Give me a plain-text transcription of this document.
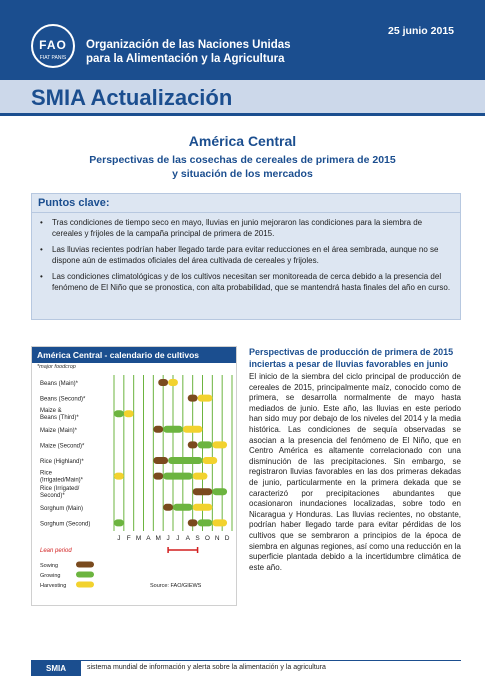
FAO
FIAT PANIS
Organización de las Naciones Unidas
para la Alimentación y la Agricultura
25 junio 2015
SMIA Actualización
América Central
Perspectivas de las cosechas de cereales de primera de 2015
y situación de los mercados
Puntos clave:
• Tras condiciones de tiempo seco en mayo, lluvias en junio mejoraron las condiciones para la siembra de cereales y frijoles de la campaña principal de primera de 2015.
• Las lluvias recientes podrían haber llegado tarde para evitar reducciones en el área sembrada, aunque no se dispone aún de estimados oficiales del área cultivada de cereales y frijoles.
• Las condiciones climatológicas y de los cultivos necesitan ser monitoreada de cerca debido a la presencia del fenómeno de El Niño que se pronostica, con alta probabilidad, que se mantendrá hasta finales del año en curso.
América Central - calendario de cultivos
*major foodcrop
Beans (Main)*
Beans (Second)*
Maize &
Beans (Third)*
Maize (Main)*
Maize (Second)*
Rice (Highland)*
Rice
(Irrigated/Main)*
Rice (Irrigated/
Second)*
Sorghum (Main)
Sorghum (Second)
J F M A M J J A S O N D
Lean period
Sowing
Growing
Harvesting	Source: FAO/GIEWS
Perspectivas de producción de primera de 2015 inciertas a pesar de lluvias favorables en junio
El inicio de la siembra del ciclo principal de producción de cereales de 2015, principalmente maíz, conocido como de primera, se desarrolla normalmente de mayo hasta mediados de junio. Este año, las lluvias en este periodo han sido muy por debajo de los niveles del 2014 y la media histórica. Las condiciones de sequía observadas se asocian a la presencia del fenómeno de El Niño, que en Centro América es altamente correlacionado con una disminución de las precipitaciones. Sin embargo, se registraron lluvias favorables en las dos primeras dekadas de junio, particularmente en la primera dekada que se caracterizó por precipitaciones abundantes que ocasionaron inundaciones localizadas, sobre todo en Nicaragua y Honduras. Las lluvias recientes, no obstante, podrían haber llegado tarde para evitar pérdidas de los cultivos que se sembraron a principios de la época de siembra en algunas regiones, así como una reducción en la superficie plantada debido a la incertidumbre climática de este año.
SMIA	sistema mundial de información y alerta sobre la alimentación y la agricultura
